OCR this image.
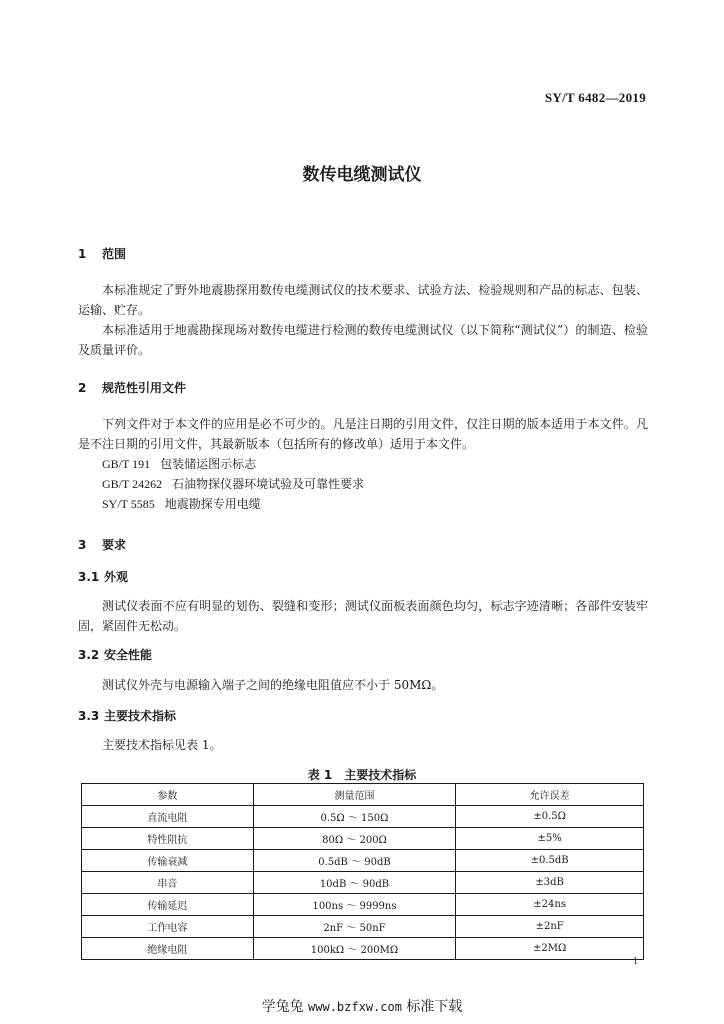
SY/T 6482—2019
数传电缆测试仪
1 范围

本标准规定了野外地震勘探用数传电缆测试仪的技术要求、试验方法、检验规则和产品的标志、包装、运输、贮存。

本标准适用于地震勘探现场对数传电缆进行检测的数传电缆测试仪（以下简称“测试仪”）的制造、检验及质量评价。

2 规范性引用文件

下列文件对于本文件的应用是必不可少的。凡是注日期的引用文件，仅注日期的版本适用于本文件。凡是不注日期的引用文件，其最新版本（包括所有的修改单）适用于本文件。

GB/T 191 包装储运图示标志
GB/T 24262 石油物探仪器环境试验及可靠性要求
SY/T 5585 地震勘探专用电缆
3 要求
3.1 外观

测试仪表面不应有明显的划伤、裂缝和变形；测试仪面板表面颜色均匀，标志字迹清晰；各部件安装牢固，紧固件无松动。

3.2 安全性能

测试仪外壳与电源输入端子之间的绝缘电阻值应不小于 50MΩ。

3.3 主要技术指标

主要技术指标见表 1。

表 1 主要技术指标
参数	测量范围	允许误差
直流电阻	0.5Ω ～ 150Ω	±0.5Ω
特性阻抗	80Ω ～ 200Ω	±5%
传输衰减	0.5dB ～ 90dB	±0.5dB
串音	10dB ～ 90dB	±3dB
传输延迟	100ns ～ 9999ns	±24ns
工作电容	2nF ～ 50nF	±2nF
绝缘电阻	100kΩ ～ 200MΩ	±2MΩ
1
学兔兔 www.bzfxw.com 标准下载
